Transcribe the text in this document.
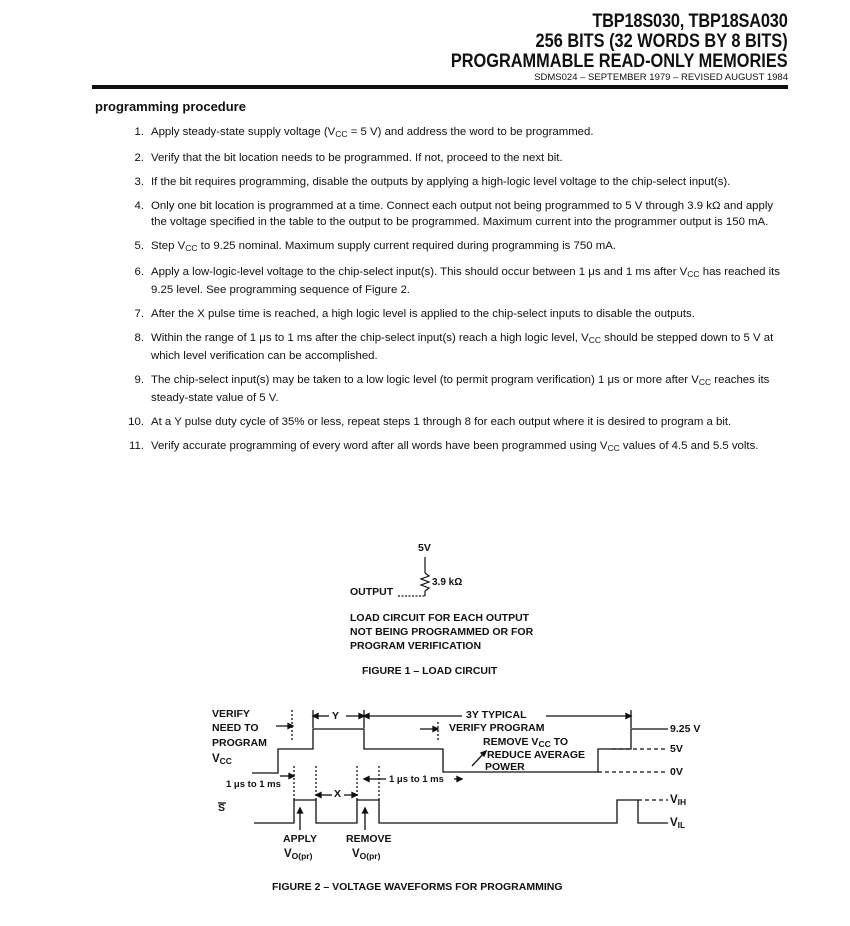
TBP18S030, TBP18SA030
256 BITS (32 WORDS BY 8 BITS)
PROGRAMMABLE READ-ONLY MEMORIES
SDMS024 – SEPTEMBER 1979 – REVISED AUGUST 1984
programming procedure
1. Apply steady-state supply voltage ($V_{CC} = 5$ V) and address the word to be programmed.
2. Verify that the bit location needs to be programmed. If not, proceed to the next bit.
3. If the bit requires programming, disable the outputs by applying a high-logic level voltage to the chip-select input(s).
4. Only one bit location is programmed at a time. Connect each output not being programmed to 5 V through 3.9 kΩ and apply the voltage specified in the table to the output to be programmed. Maximum current into the programmer output is 150 mA.
5. Step $V_{CC}$ to 9.25 nominal. Maximum supply current required during programming is 750 mA.
6. Apply a low-logic-level voltage to the chip-select input(s). This should occur between 1 μs and 1 ms after $V_{CC}$ has reached its 9.25 level. See programming sequence of Figure 2.
7. After the X pulse time is reached, a high logic level is applied to the chip-select inputs to disable the outputs.
8. Within the range of 1 μs to 1 ms after the chip-select input(s) reach a high logic level, $V_{CC}$ should be stepped down to 5 V at which level verification can be accomplished.
9. The chip-select input(s) may be taken to a low logic level (to permit program verification) 1 μs or more after $V_{CC}$ reaches its steady-state value of 5 V.
10. At a Y pulse duty cycle of 35% or less, repeat steps 1 through 8 for each output where it is desired to program a bit.
11. Verify accurate programming of every word after all words have been programmed using $V_{CC}$ values of 4.5 and 5.5 volts.
5V
3.9 kΩ
OUTPUT
LOAD CIRCUIT FOR EACH OUTPUT
NOT BEING PROGRAMMED OR FOR
PROGRAM VERIFICATION
FIGURE 1 – LOAD CIRCUIT
VERIFY
NEED TO
PROGRAM
$V_{CC}$
Y	3Y TYPICAL
VERIFY PROGRAM
REMOVE $V_{CC}$ TO
REDUCE AVERAGE
POWER
9.25 V
5V
0V
1 μs to 1 ms	1 μs to 1 ms
X
S
$V_{IH}$
$V_{IL}$
APPLY	REMOVE
$V_{O(pr)}$	$V_{O(pr)}$
FIGURE 2 – VOLTAGE WAVEFORMS FOR PROGRAMMING
